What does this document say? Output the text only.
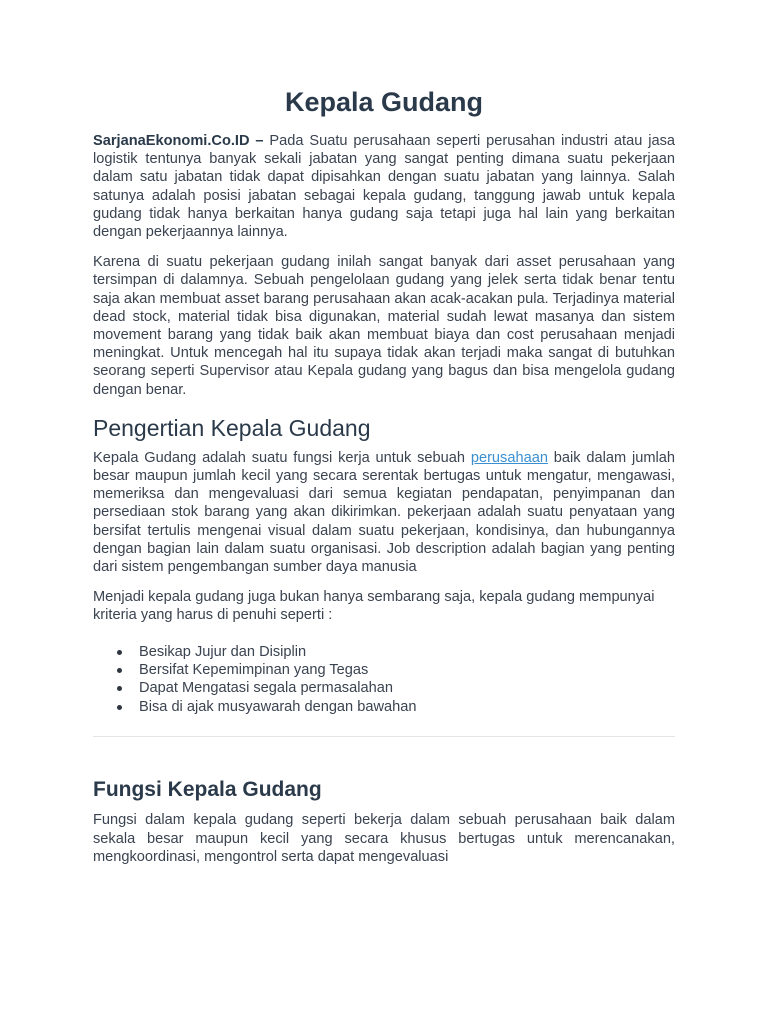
Kepala Gudang

SarjanaEkonomi.Co.ID – Pada Suatu perusahaan seperti perusahan industri atau jasa logistik tentunya banyak sekali jabatan yang sangat penting dimana suatu pekerjaan dalam satu jabatan tidak dapat dipisahkan dengan suatu jabatan yang lainnya. Salah satunya adalah posisi jabatan sebagai kepala gudang, tanggung jawab untuk kepala gudang tidak hanya berkaitan hanya gudang saja tetapi juga hal lain yang berkaitan dengan pekerjaannya lainnya.

Karena di suatu pekerjaan gudang inilah sangat banyak dari asset perusahaan yang tersimpan di dalamnya. Sebuah pengelolaan gudang yang jelek serta tidak benar tentu saja akan membuat asset barang perusahaan akan acak-acakan pula. Terjadinya material dead stock, material tidak bisa digunakan, material sudah lewat masanya dan sistem movement barang yang tidak baik akan membuat biaya dan cost perusahaan menjadi meningkat. Untuk mencegah hal itu supaya tidak akan terjadi maka sangat di butuhkan seorang seperti Supervisor atau Kepala gudang yang bagus dan bisa mengelola gudang dengan benar.

Pengertian Kepala Gudang

Kepala Gudang adalah suatu fungsi kerja untuk sebuah perusahaan baik dalam jumlah besar maupun jumlah kecil yang secara serentak bertugas untuk mengatur, mengawasi, memeriksa dan mengevaluasi dari semua kegiatan pendapatan, penyimpanan dan persediaan stok barang yang akan dikirimkan. pekerjaan adalah suatu penyataan yang bersifat tertulis mengenai visual dalam suatu pekerjaan, kondisinya, dan hubungannya dengan bagian lain dalam suatu organisasi. Job description adalah bagian yang penting dari sistem pengembangan sumber daya manusia

Menjadi kepala gudang juga bukan hanya sembarang saja, kepala gudang mempunyai kriteria yang harus di penuhi seperti :

Besikap Jujur dan Disiplin
Bersifat Kepemimpinan yang Tegas
Dapat Mengatasi segala permasalahan
Bisa di ajak musyawarah dengan bawahan
Fungsi Kepala Gudang

Fungsi dalam kepala gudang seperti bekerja dalam sebuah perusahaan baik dalam sekala besar maupun kecil yang secara khusus bertugas untuk merencanakan, mengkoordinasi, mengontrol serta dapat mengevaluasi
